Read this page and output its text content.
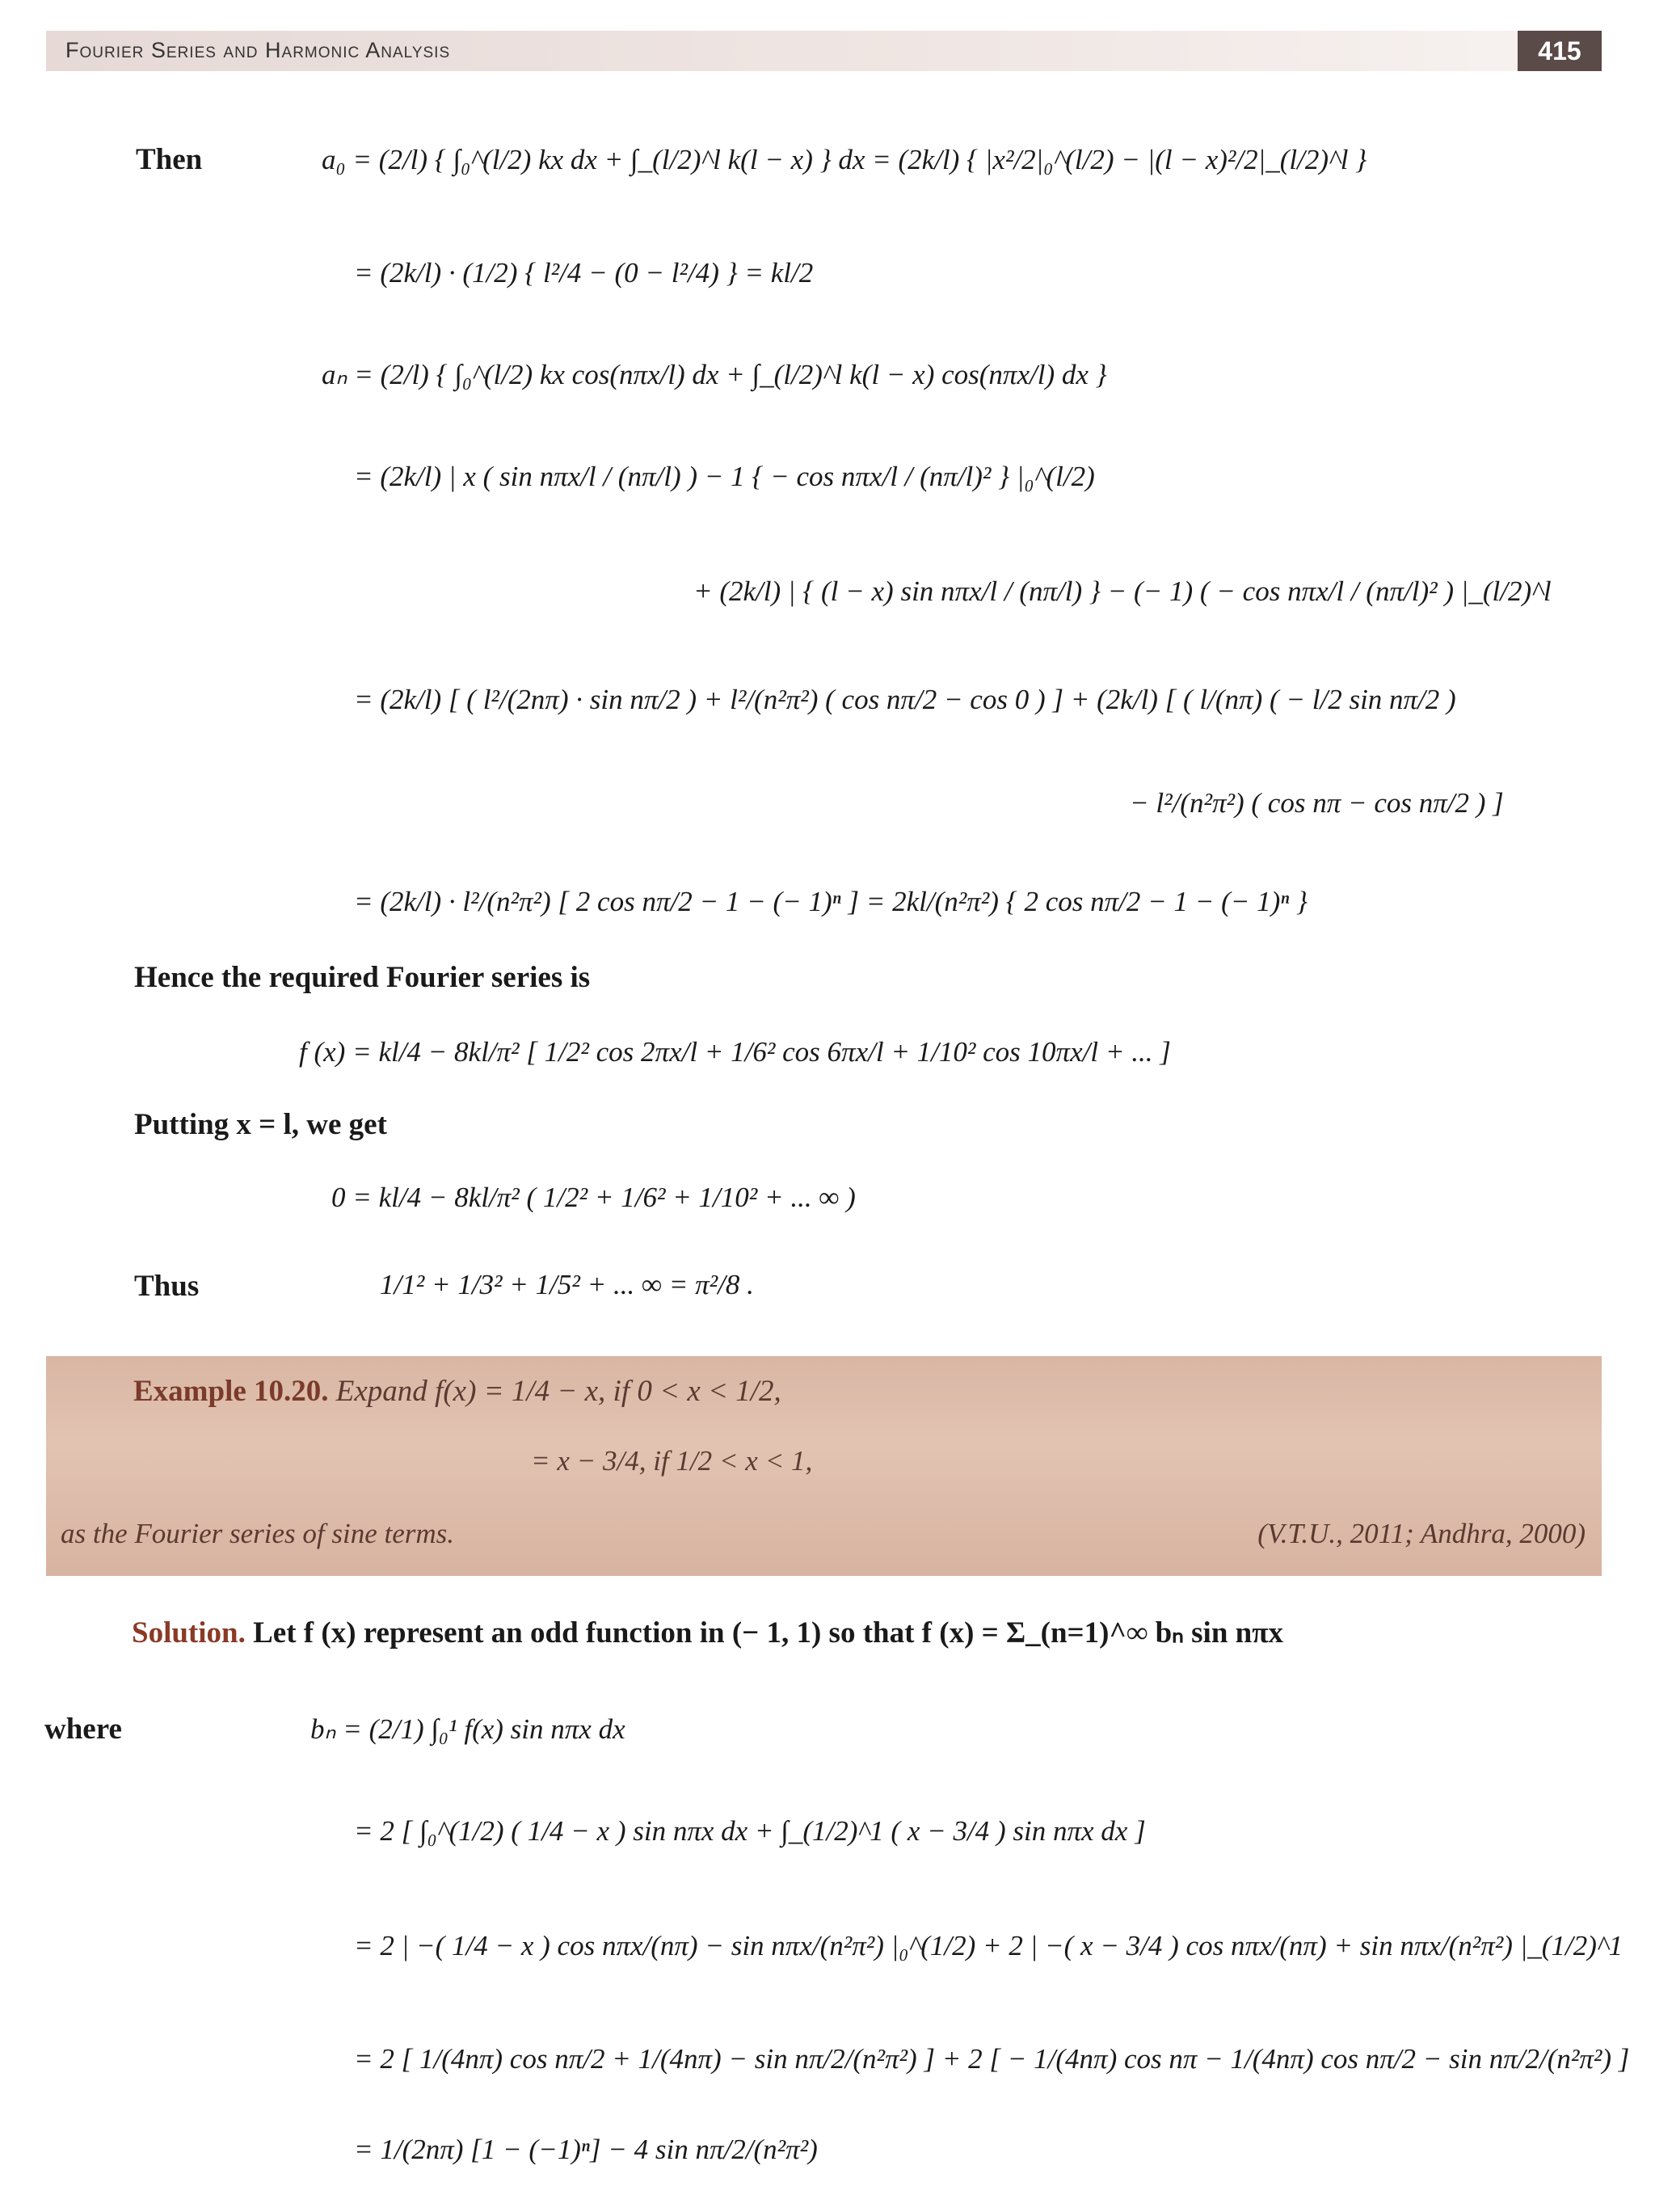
Fourier Series and Harmonic Analysis	415
Then	a₀ = (2/l) { ∫₀^(l/2) kx dx + ∫_(l/2)^l k(l − x) } dx = (2k/l) { |x²/2|₀^(l/2) − |(l − x)²/2|_(l/2)^l }
= (2k/l) · (1/2) { l²/4 − (0 − l²/4) } = kl/2
aₙ = (2/l) { ∫₀^(l/2) kx cos(nπx/l) dx + ∫_(l/2)^l k(l − x) cos(nπx/l) dx }
= (2k/l) | x ( sin nπx/l / (nπ/l) ) − 1 { − cos nπx/l / (nπ/l)² } |₀^(l/2)
+ (2k/l) | { (l − x) sin nπx/l / (nπ/l) } − (− 1) ( − cos nπx/l / (nπ/l)² ) |_(l/2)^l
= (2k/l) [ ( l²/(2nπ) · sin nπ/2 ) + l²/(n²π²) ( cos nπ/2 − cos 0 ) ] + (2k/l) [ ( l/(nπ) ( − l/2 sin nπ/2 )
− l²/(n²π²) ( cos nπ − cos nπ/2 ) ]
= (2k/l) · l²/(n²π²) [ 2 cos nπ/2 − 1 − (− 1)ⁿ ] = 2kl/(n²π²) { 2 cos nπ/2 − 1 − (− 1)ⁿ }
Hence the required Fourier series is
f (x) = kl/4 − 8kl/π² [ 1/2² cos 2πx/l + 1/6² cos 6πx/l + 1/10² cos 10πx/l + ... ]
Putting x = l, we get
0 = kl/4 − 8kl/π² ( 1/2² + 1/6² + 1/10² + ... ∞ )
Thus	1/1² + 1/3² + 1/5² + ... ∞ = π²/8 .
Example 10.20. Expand f(x) = 1/4 − x, if 0 < x < 1/2,
= x − 3/4, if 1/2 < x < 1,
as the Fourier series of sine terms.	(V.T.U., 2011; Andhra, 2000)
Solution. Let f (x) represent an odd function in (− 1, 1) so that f (x) = Σ_(n=1)^∞ bₙ sin nπx
where	bₙ = (2/1) ∫₀¹ f(x) sin nπx dx
= 2 [ ∫₀^(1/2) ( 1/4 − x ) sin nπx dx + ∫_(1/2)^1 ( x − 3/4 ) sin nπx dx ]
= 2 | −( 1/4 − x ) cos nπx/(nπ) − sin nπx/(n²π²) |₀^(1/2) + 2 | −( x − 3/4 ) cos nπx/(nπ) + sin nπx/(n²π²) |_(1/2)^1
= 2 [ 1/(4nπ) cos nπ/2 + 1/(4nπ) − sin nπ/2/(n²π²) ] + 2 [ − 1/(4nπ) cos nπ − 1/(4nπ) cos nπ/2 − sin nπ/2/(n²π²) ]
= 1/(2nπ) [1 − (−1)ⁿ] − 4 sin nπ/2/(n²π²)
